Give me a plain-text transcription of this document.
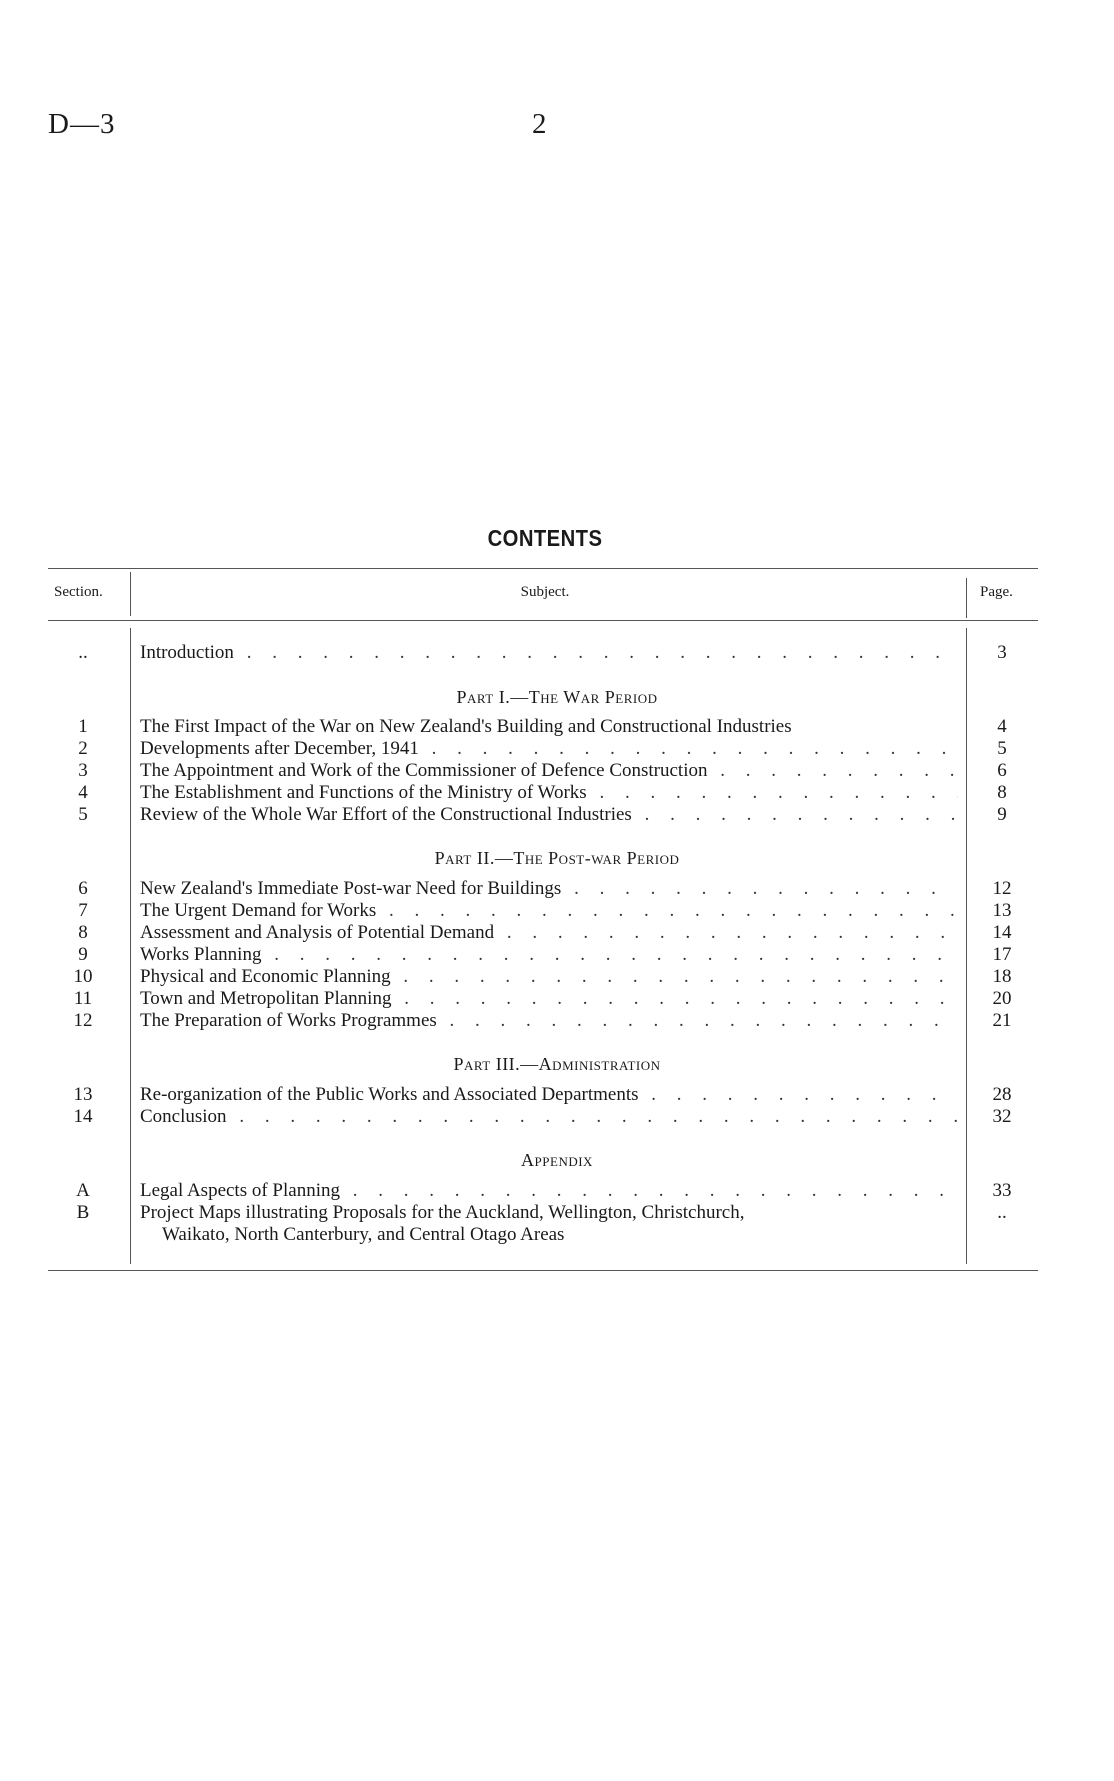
D—3	2
CONTENTS
Section.	Subject.	Page.
..	Introduction . . .	3
Part I.—The War Period
1	The First Impact of the War on New Zealand's Building and Constructional Industries	4
2	Developments after December, 1941 . . .	5
3	The Appointment and Work of the Commissioner of Defence Construction . . .	6
4	The Establishment and Functions of the Ministry of Works . . .	8
5	Review of the Whole War Effort of the Constructional Industries . . .	9
Part II.—The Post-war Period
6	New Zealand's Immediate Post-war Need for Buildings . . .	12
7	The Urgent Demand for Works . . .	13
8	Assessment and Analysis of Potential Demand . . .	14
9	Works Planning . . .	17
10	Physical and Economic Planning . . .	18
11	Town and Metropolitan Planning . . .	20
12	The Preparation of Works Programmes . . .	21
Part III.—Administration
13	Re-organization of the Public Works and Associated Departments . . .	28
14	Conclusion . . .	32
Appendix
A	Legal Aspects of Planning . . .	33
B	Project Maps illustrating Proposals for the Auckland, Wellington, Christchurch,	..
Waikato, North Canterbury, and Central Otago Areas
